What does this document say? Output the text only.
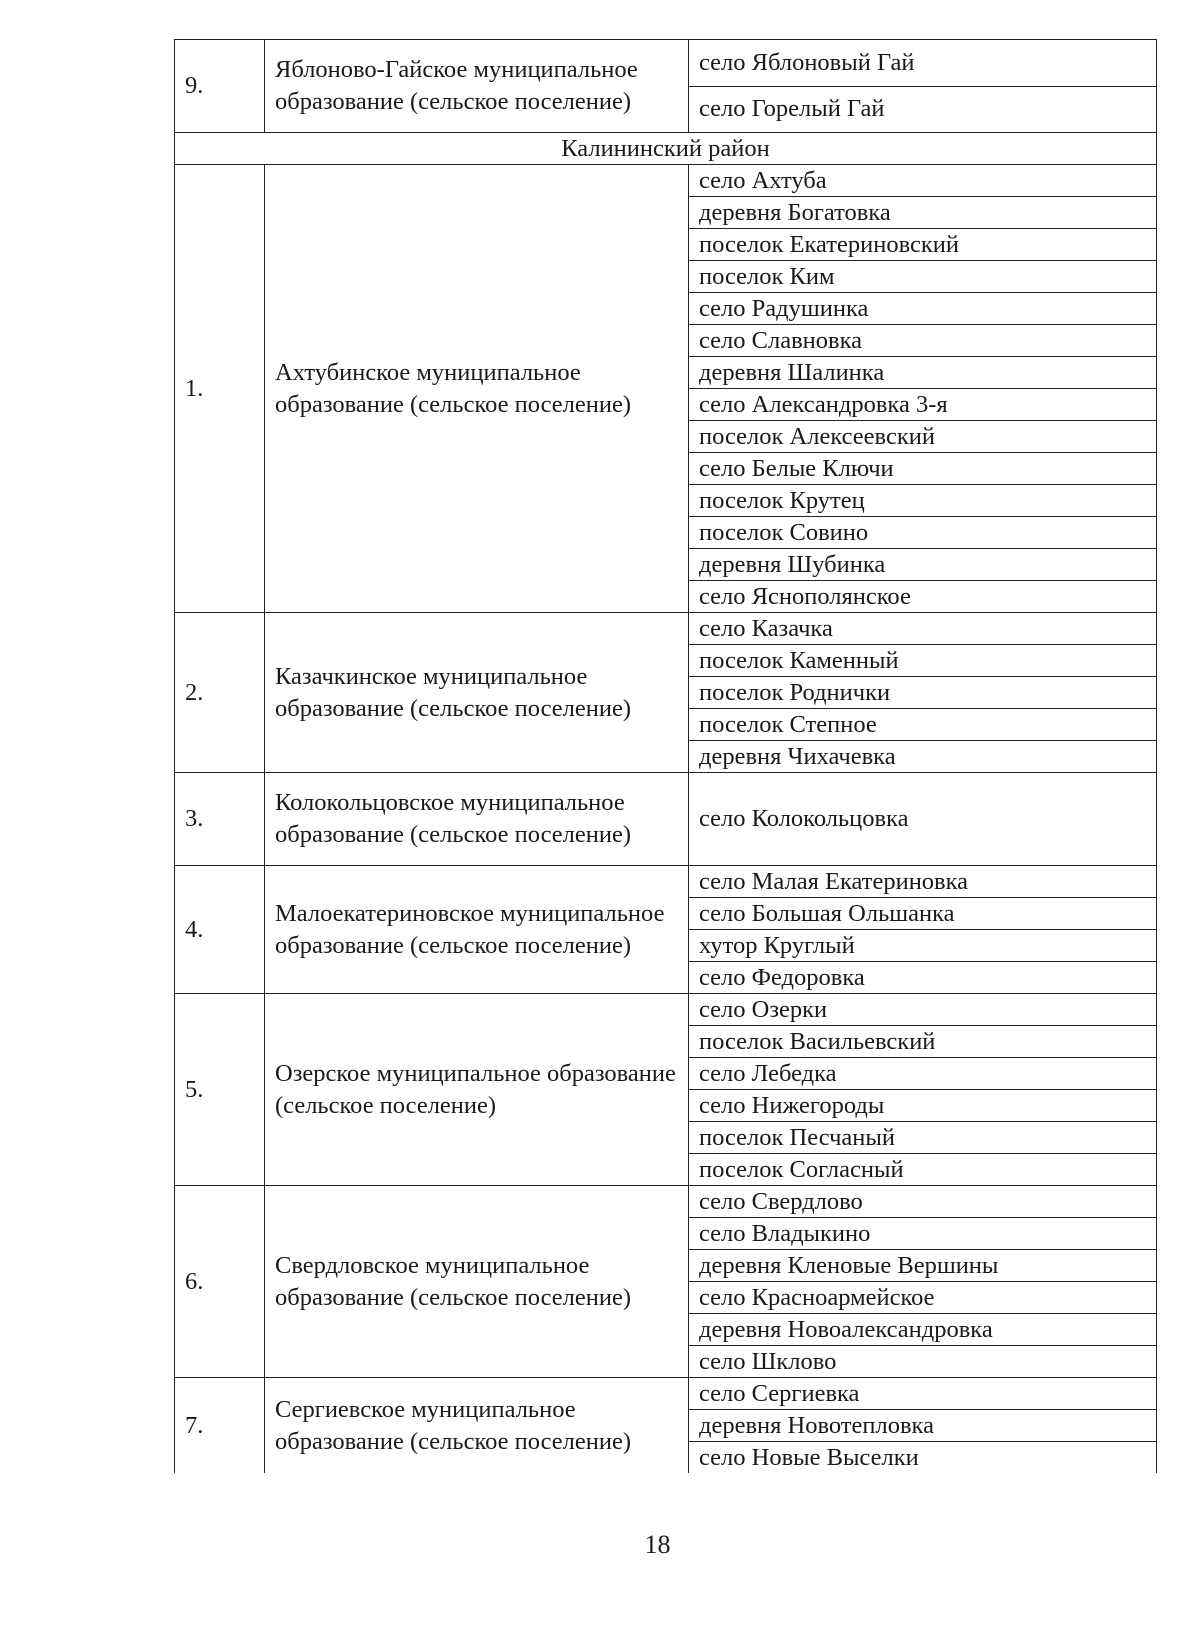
9.	Яблоново-Гайское муниципальное образование (сельское поселение)	село Яблоновый Гай
		село Горелый Гай
Калининский район		
1.	Ахтубинское муниципальное образование (сельское поселение)	село Ахтуба
		деревня Богатовка
		поселок Екатериновский
		поселок Ким
		село Радушинка
		село Славновка
		деревня Шалинка
		село Александровка 3-я
		поселок Алексеевский
		село Белые Ключи
		поселок Крутец
		поселок Совино
		деревня Шубинка
		село Яснополянское
2.	Казачкинское муниципальное образование (сельское поселение)	село Казачка
		поселок Каменный
		поселок Роднички
		поселок Степное
		деревня Чихачевка
3.	Колокольцовское муниципальное образование (сельское поселение)	село Колокольцовка
4.	Малоекатериновское муниципальное образование (сельское поселение)	село Малая Екатериновка
		село Большая Ольшанка
		хутор Круглый
		село Федоровка
5.	Озерское муниципальное образование (сельское поселение)	село Озерки
		поселок Васильевский
		село Лебедка
		село Нижегороды
		поселок Песчаный
		поселок Согласный
6.	Свердловское муниципальное образование (сельское поселение)	село Свердлово
		село Владыкино
		деревня Кленовые Вершины
		село Красноармейское
		деревня Новоалександровка
		село Шклово
7.	Сергиевское муниципальное образование (сельское поселение)	село Сергиевка
		деревня Новотепловка
		село Новые Выселки
18
